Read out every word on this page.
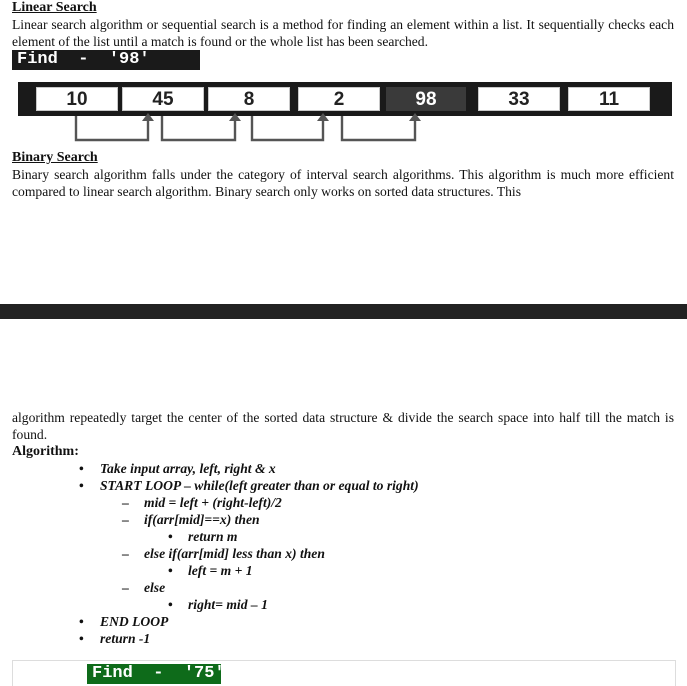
Linear Search
Linear search algorithm or sequential search is a method for finding an element within a list. It sequentially checks each element of the list until a match is found or the whole list has been searched.
Find  -  '98'
10	45	8	2	98	33	11
Binary Search
Binary search algorithm falls under the category of interval search algorithms. This algorithm is much more efficient compared to linear search algorithm. Binary search only works on sorted data structures. This
algorithm repeatedly target the center of the sorted data structure & divide the search space into half till the match is found.
Algorithm:
• Take input array, left, right & x
• START LOOP – while(left greater than or equal to right)
– mid = left + (right-left)/2
– if(arr[mid]==x) then
• return m
– else if(arr[mid] less than x) then
• left = m + 1
– else
• right= mid – 1
• END LOOP
• return -1
Find  -  '75'
